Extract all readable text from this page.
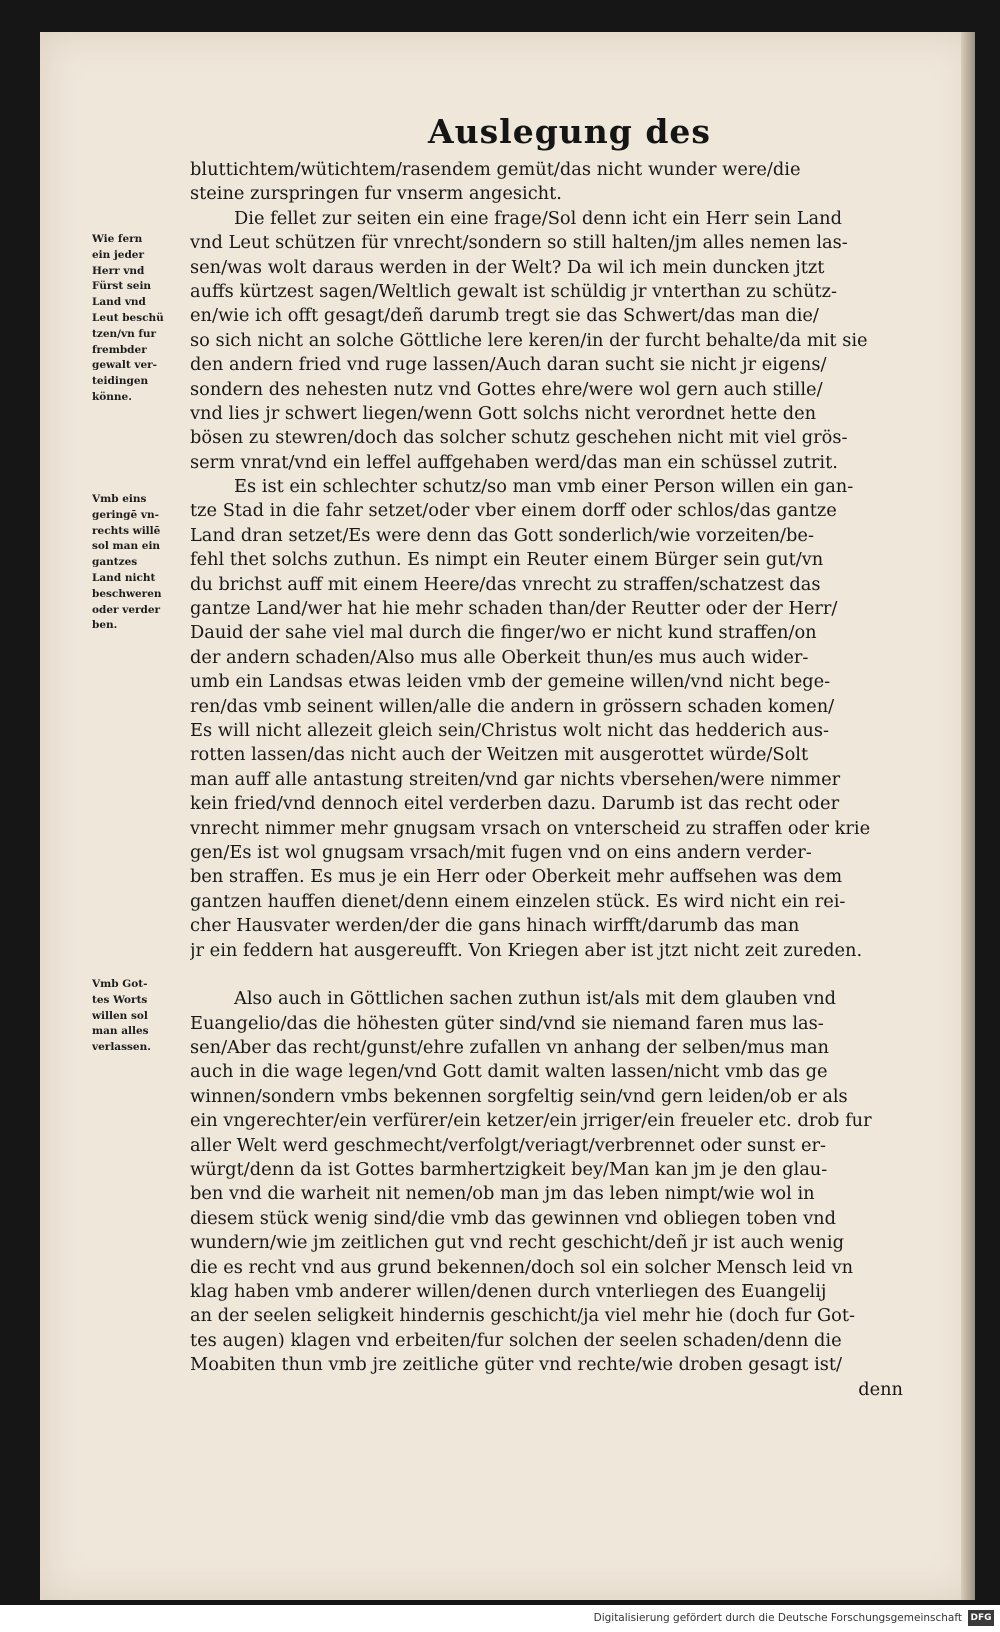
Auslegung des
Wie fern
ein jeder
Herr vnd
Fürst sein
Land vnd
Leut beschü
tzen/vn fur
frembder
gewalt ver-
teidingen
könne.
Vmb eins
geringē vn-
rechts willē
sol man ein
gantzes
Land nicht
beschweren
oder verder
ben.
Vmb Got-
tes Worts
willen sol
man alles
verlassen.
bluttichtem/wütichtem/rasendem gemüt/das nicht wunder were/die
steine zurspringen fur vnserm angesicht.
Die fellet zur seiten ein eine frage/Sol denn icht ein Herr sein Land
vnd Leut schützen für vnrecht/sondern so still halten/jm alles nemen las-
sen/was wolt daraus werden in der Welt? Da wil ich mein duncken jtzt
auffs kürtzest sagen/Weltlich gewalt ist schüldig jr vnterthan zu schütz-
en/wie ich offt gesagt/deñ darumb tregt sie das Schwert/das man die/
so sich nicht an solche Göttliche lere keren/in der furcht behalte/da mit sie
den andern fried vnd ruge lassen/Auch daran sucht sie nicht jr eigens/
sondern des nehesten nutz vnd Gottes ehre/were wol gern auch stille/
vnd lies jr schwert liegen/wenn Gott solchs nicht verordnet hette den
bösen zu stewren/doch das solcher schutz geschehen nicht mit viel grös-
serm vnrat/vnd ein leffel auffgehaben werd/das man ein schüssel zutrit.
Es ist ein schlechter schutz/so man vmb einer Person willen ein gan-
tze Stad in die fahr setzet/oder vber einem dorff oder schlos/das gantze
Land dran setzet/Es were denn das Gott sonderlich/wie vorzeiten/be-
fehl thet solchs zuthun. Es nimpt ein Reuter einem Bürger sein gut/vn
du brichst auff mit einem Heere/das vnrecht zu straffen/schatzest das
gantze Land/wer hat hie mehr schaden than/der Reutter oder der Herr/
Dauid der sahe viel mal durch die finger/wo er nicht kund straffen/on
der andern schaden/Also mus alle Oberkeit thun/es mus auch wider-
umb ein Landsas etwas leiden vmb der gemeine willen/vnd nicht bege-
ren/das vmb seinent willen/alle die andern in grössern schaden komen/
Es will nicht allezeit gleich sein/Christus wolt nicht das hedderich aus-
rotten lassen/das nicht auch der Weitzen mit ausgerottet würde/Solt
man auff alle antastung streiten/vnd gar nichts vbersehen/were nimmer
kein fried/vnd dennoch eitel verderben dazu. Darumb ist das recht oder
vnrecht nimmer mehr gnugsam vrsach on vnterscheid zu straffen oder krie
gen/Es ist wol gnugsam vrsach/mit fugen vnd on eins andern verder-
ben straffen. Es mus je ein Herr oder Oberkeit mehr auffsehen was dem
gantzen hauffen dienet/denn einem einzelen stück. Es wird nicht ein rei-
cher Hausvater werden/der die gans hinach wirfft/darumb das man
jr ein feddern hat ausgereufft. Von Kriegen aber ist jtzt nicht zeit zureden.
Also auch in Göttlichen sachen zuthun ist/als mit dem glauben vnd
Euangelio/das die höhesten güter sind/vnd sie niemand faren mus las-
sen/Aber das recht/gunst/ehre zufallen vn anhang der selben/mus man
auch in die wage legen/vnd Gott damit walten lassen/nicht vmb das ge
winnen/sondern vmbs bekennen sorgfeltig sein/vnd gern leiden/ob er als
ein vngerechter/ein verfürer/ein ketzer/ein jrriger/ein freueler etc. drob fur
aller Welt werd geschmecht/verfolgt/veriagt/verbrennet oder sunst er-
würgt/denn da ist Gottes barmhertzigkeit bey/Man kan jm je den glau-
ben vnd die warheit nit nemen/ob man jm das leben nimpt/wie wol in
diesem stück wenig sind/die vmb das gewinnen vnd obliegen toben vnd
wundern/wie jm zeitlichen gut vnd recht geschicht/deñ jr ist auch wenig
die es recht vnd aus grund bekennen/doch sol ein solcher Mensch leid vn
klag haben vmb anderer willen/denen durch vnterliegen des Euangelij
an der seelen seligkeit hindernis geschicht/ja viel mehr hie (doch fur Got-
tes augen) klagen vnd erbeiten/fur solchen der seelen schaden/denn die
Moabiten thun vmb jre zeitliche güter vnd rechte/wie droben gesagt ist/
denn
Digitalisierung gefördert durch die Deutsche Forschungsgemeinschaft DFG
